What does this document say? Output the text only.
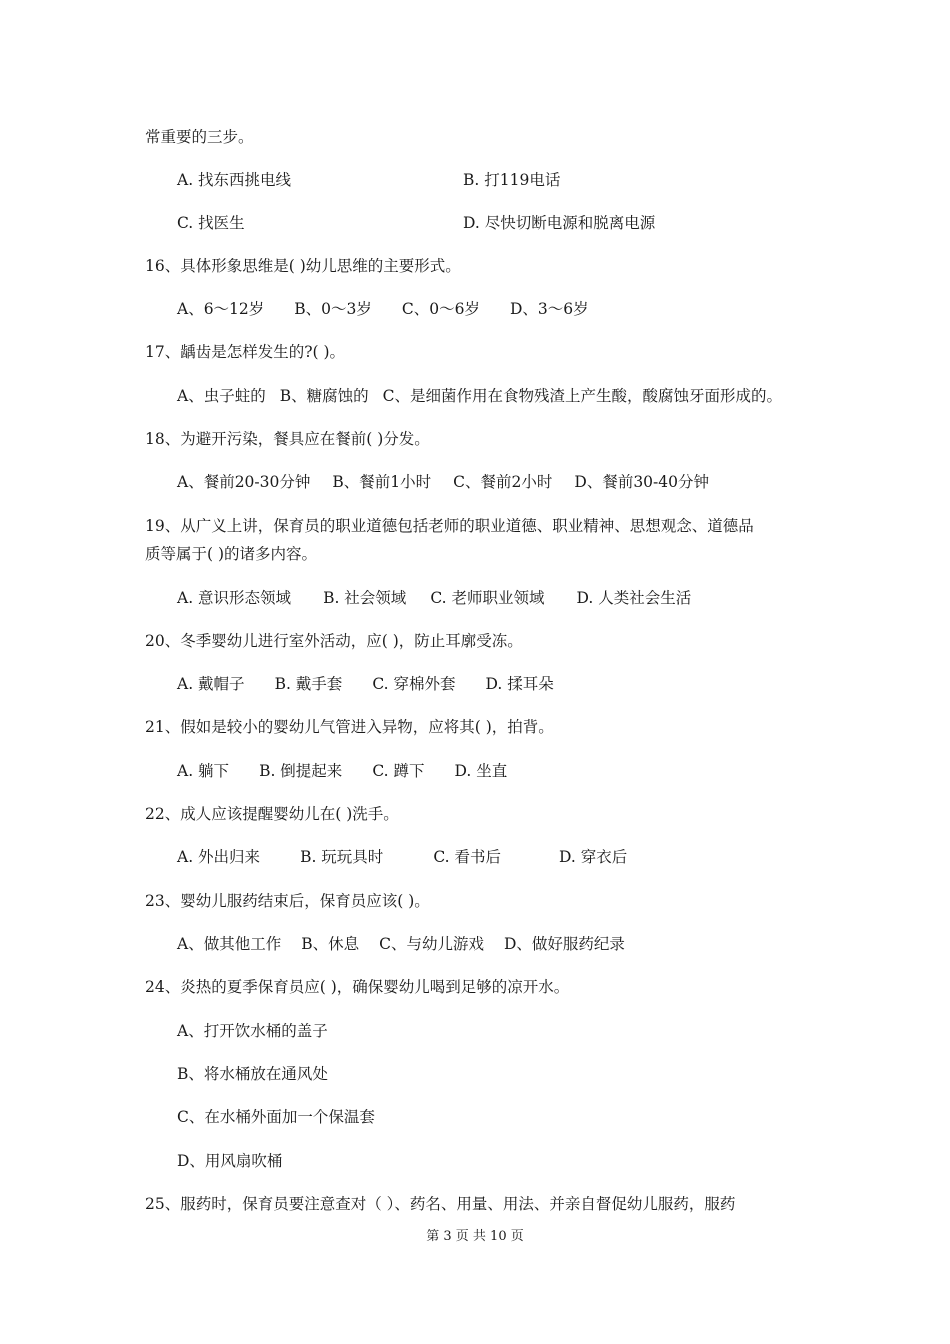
常重要的三步。
A. 找东西挑电线	B. 打119电话
C. 找医生	D. 尽快切断电源和脱离电源
16、具体形象思维是( )幼儿思维的主要形式。
A、6～12岁 B、0～3岁 C、0～6岁 D、3～6岁
17、龋齿是怎样发生的?( )。
A、虫子蛀的 B、糖腐蚀的 C、是细菌作用在食物残渣上产生酸，酸腐蚀牙面形成的。
18、为避开污染，餐具应在餐前( )分发。
A、餐前20-30分钟 B、餐前1小时 C、餐前2小时 D、餐前30-40分钟
19、从广义上讲，保育员的职业道德包括老师的职业道德、职业精神、思想观念、道德品
质等属于( )的诸多内容。
A. 意识形态领域 B. 社会领域 C. 老师职业领域 D. 人类社会生活
20、冬季婴幼儿进行室外活动，应( )，防止耳廓受冻。
A. 戴帽子 B. 戴手套 C. 穿棉外套 D. 揉耳朵
21、假如是较小的婴幼儿气管进入异物，应将其( )，拍背。
A. 躺下 B. 倒提起来 C. 蹲下 D. 坐直
22、成人应该提醒婴幼儿在( )洗手。
A. 外出归来	B. 玩玩具时	C. 看书后	D. 穿衣后
23、婴幼儿服药结束后，保育员应该( )。
A、做其他工作 B、休息 C、与幼儿游戏 D、做好服药纪录
24、炎热的夏季保育员应( )，确保婴幼儿喝到足够的凉开水。
A、打开饮水桶的盖子
B、将水桶放在通风处
C、在水桶外面加一个保温套
D、用风扇吹桶
25、服药时，保育员要注意查对（ ）、药名、用量、用法、并亲自督促幼儿服药，服药
第 3 页 共 10 页
